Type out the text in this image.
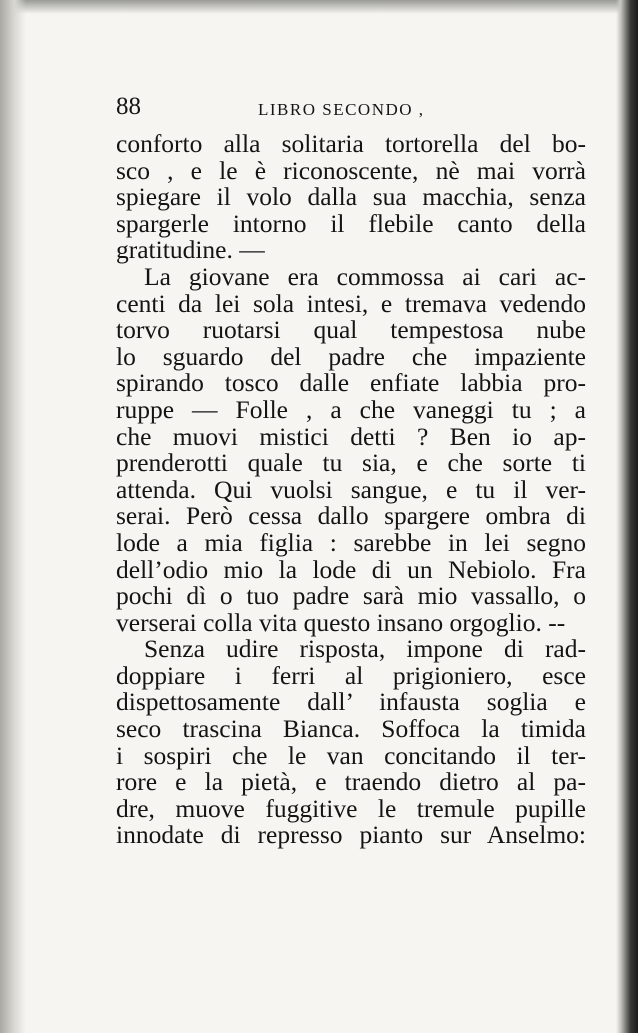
88	LIBRO SECONDO ,
conforto alla solitaria tortorella del bo-
sco , e le è riconoscente, nè mai vorrà
spiegare il volo dalla sua macchia, senza
spargerle intorno il flebile canto della
gratitudine. —
La giovane era commossa ai cari ac-
centi da lei sola intesi, e tremava vedendo
torvo ruotarsi qual tempestosa nube
lo sguardo del padre che impaziente
spirando tosco dalle enfiate labbia pro-
ruppe — Folle , a che vaneggi tu ; a
che muovi mistici detti ? Ben io ap-
prenderotti quale tu sia, e che sorte ti
attenda. Qui vuolsi sangue, e tu il ver-
serai. Però cessa dallo spargere ombra di
lode a mia figlia : sarebbe in lei segno
dell’odio mio la lode di un Nebiolo. Fra
pochi dì o tuo padre sarà mio vassallo, o
verserai colla vita questo insano orgoglio. --
Senza udire risposta, impone di rad-
doppiare i ferri al prigioniero, esce
dispettosamente dall’ infausta soglia e
seco trascina Bianca. Soffoca la timida
i sospiri che le van concitando il ter-
rore e la pietà, e traendo dietro al pa-
dre, muove fuggitive le tremule pupille
innodate di represso pianto sur Anselmo:
